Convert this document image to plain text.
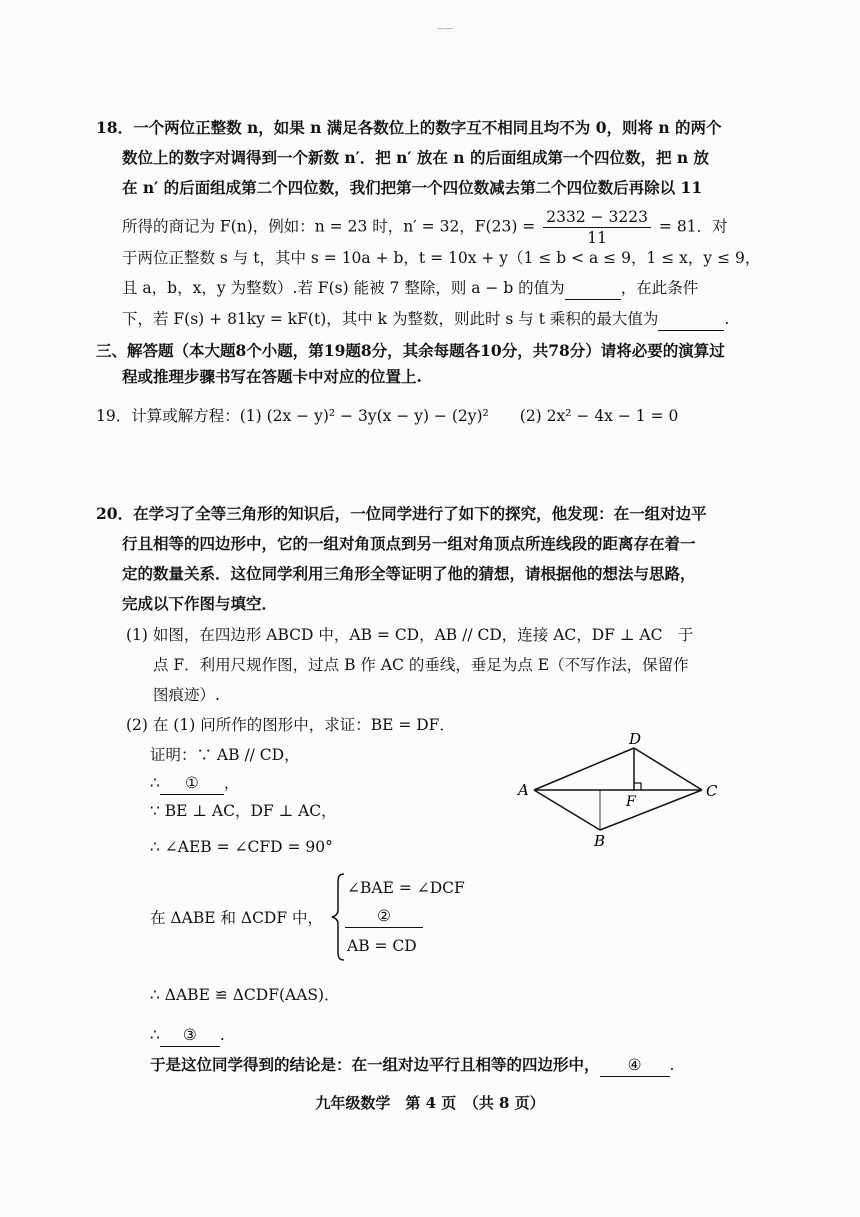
——
18．一个两位正整数 n，如果 n 满足各数位上的数字互不相同且均不为 0，则将 n 的两个
数位上的数字对调得到一个新数 n′．把 n′ 放在 n 的后面组成第一个四位数，把 n 放
在 n′ 的后面组成第二个四位数，我们把第一个四位数减去第二个四位数后再除以 11
所得的商记为 F(n)，例如：n = 23 时，n′ = 32，$F(23) = \frac{2332 - 3223}{11} = 81$．对
于两位正整数 s 与 t，其中 s = 10a + b，t = 10x + y（1 ≤ b < a ≤ 9，1 ≤ x，y ≤ 9，
且 a，b，x，y 为整数）.若 F(s) 能被 7 整除，则 a − b 的值为	，在此条件
下，若 F(s) + 81ky = kF(t)，其中 k 为整数，则此时 s 与 t 乘积的最大值为	.
三、解答题（本大题8个小题，第19题8分，其余每题各10分，共78分）请将必要的演算过
程或推理步骤书写在答题卡中对应的位置上.
19．计算或解方程：(1) (2x − y)² − 3y(x − y) − (2y)²　　(2) 2x² − 4x − 1 = 0
20．在学习了全等三角形的知识后，一位同学进行了如下的探究，他发现：在一组对边平
行且相等的四边形中，它的一组对角顶点到另一组对角顶点所连线段的距离存在着一
定的数量关系．这位同学利用三角形全等证明了他的猜想，请根据他的想法与思路，
完成以下作图与填空．
(1) 如图，在四边形 ABCD 中，AB = CD，AB // CD，连接 AC，DF ⊥ AC　于
点 F．利用尺规作图，过点 B 作 AC 的垂线，垂足为点 E（不写作法，保留作
图痕迹）.
(2) 在 (1) 问所作的图形中，求证：BE = DF．
证明：∵ AB // CD，
∴ ① ，
∵ BE ⊥ AC，DF ⊥ AC，
∴ ∠AEB = ∠CFD = 90°
在 ΔABE 和 ΔCDF 中，
∠BAE = ∠DCF
②
AB = CD
∴ ΔABE ≌ ΔCDF(AAS)．
∴ ③ .
于是这位同学得到的结论是：在一组对边平行且相等的四边形中， ④ .
A
D
C
B
F
九年级数学　第 4 页　（共 8 页）
